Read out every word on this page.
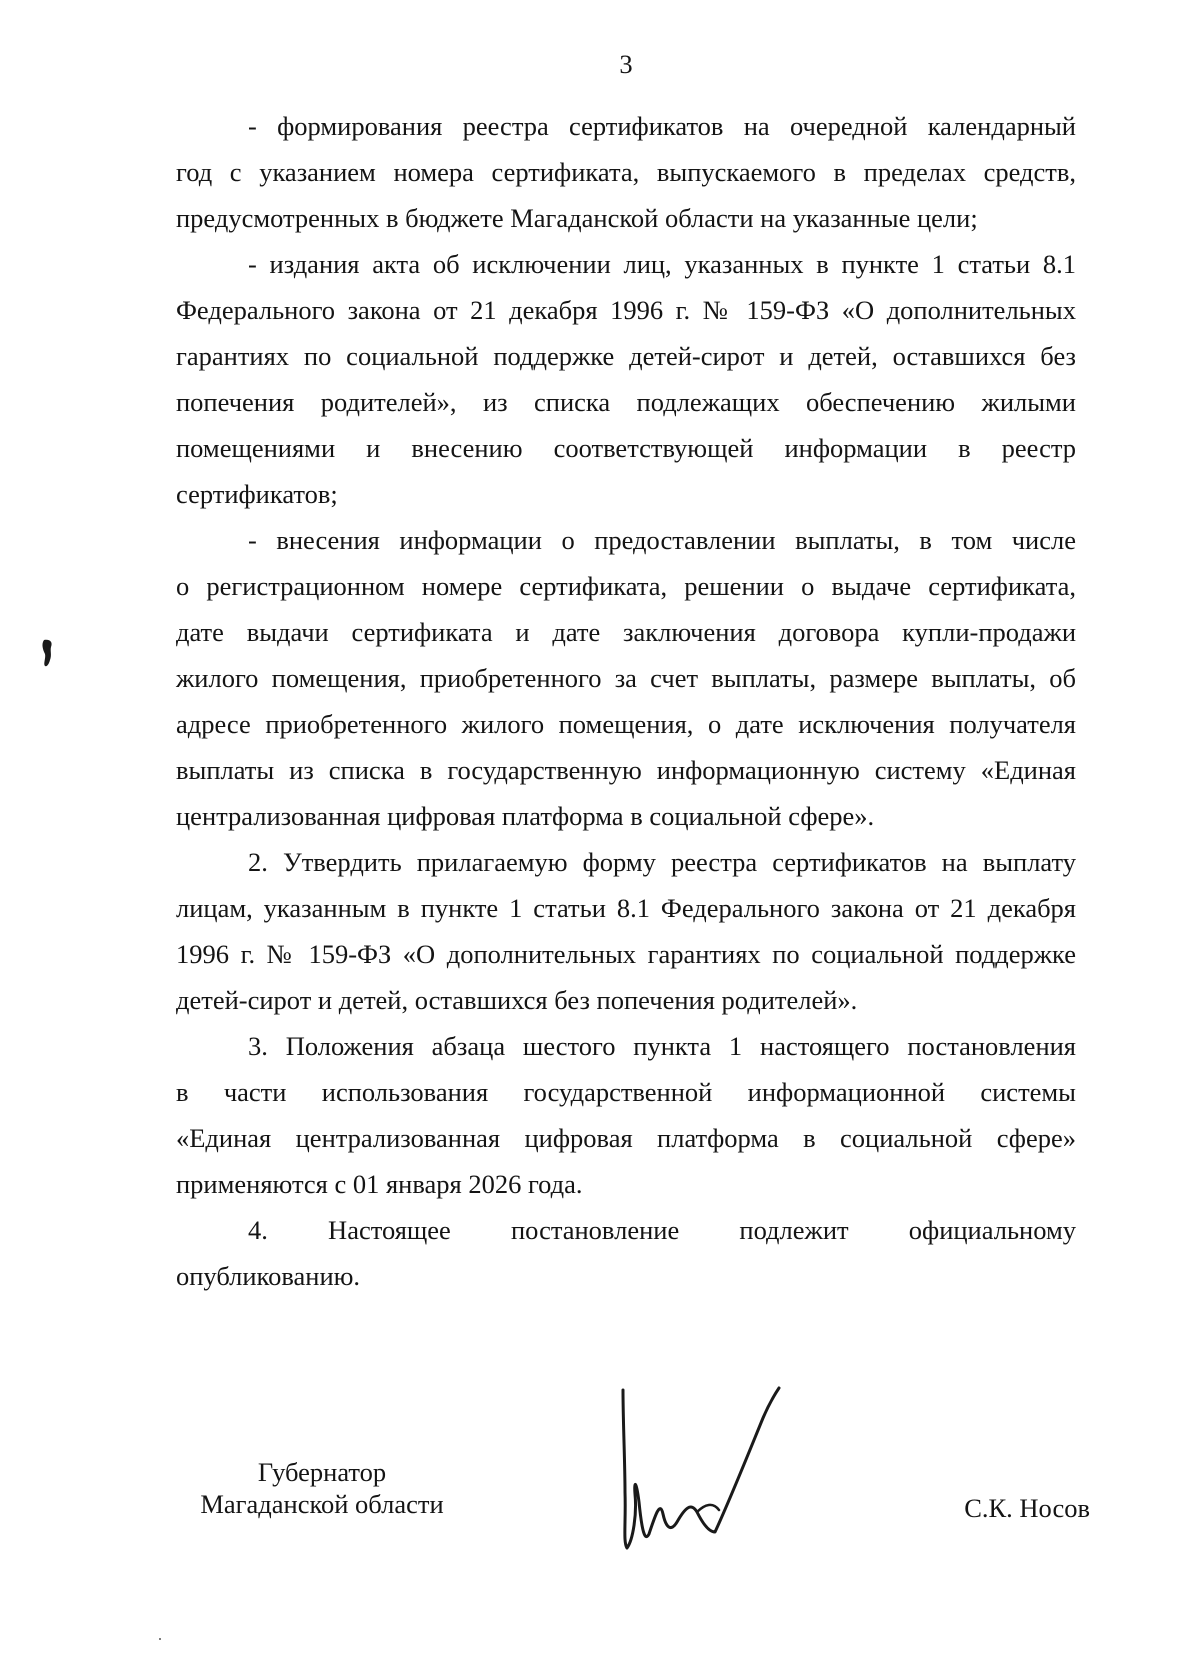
3
- формирования реестра сертификатов на очередной календарный
год с указанием номера сертификата, выпускаемого в пределах средств,
предусмотренных в бюджете Магаданской области на указанные цели;
- издания акта об исключении лиц, указанных в пункте 1 статьи 8.1
Федерального закона от 21 декабря 1996 г. № 159-ФЗ «О дополнительных
гарантиях по социальной поддержке детей-сирот и детей, оставшихся без
попечения родителей», из списка подлежащих обеспечению жилыми
помещениями и внесению соответствующей информации в реестр
сертификатов;
- внесения информации о предоставлении выплаты, в том числе
о регистрационном номере сертификата, решении о выдаче сертификата,
дате выдачи сертификата и дате заключения договора купли-продажи
жилого помещения, приобретенного за счет выплаты, размере выплаты, об
адресе приобретенного жилого помещения, о дате исключения получателя
выплаты из списка в государственную информационную систему «Единая
централизованная цифровая платформа в социальной сфере».
2. Утвердить прилагаемую форму реестра сертификатов на выплату
лицам, указанным в пункте 1 статьи 8.1 Федерального закона от 21 декабря
1996 г. № 159-ФЗ «О дополнительных гарантиях по социальной поддержке
детей-сирот и детей, оставшихся без попечения родителей».
3. Положения абзаца шестого пункта 1 настоящего постановления
в части использования государственной информационной системы
«Единая централизованная цифровая платформа в социальной сфере»
применяются с 01 января 2026 года.
4. Настоящее постановление подлежит официальному
опубликованию.
Губернатор
Магаданской области	С.К. Носов
